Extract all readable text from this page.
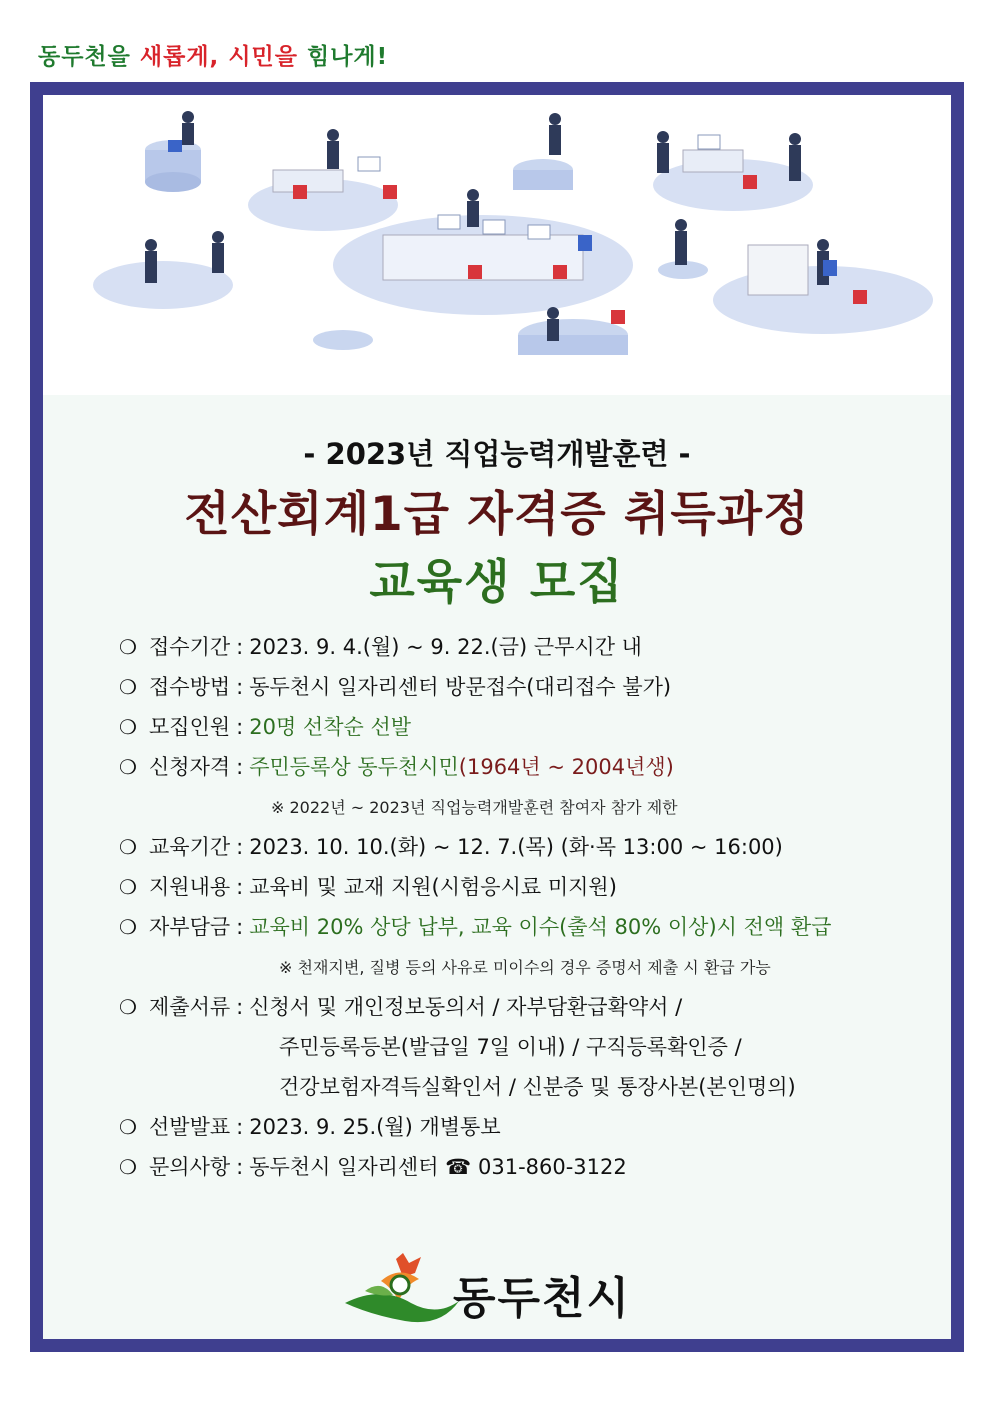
동두천을 새롭게, 시민을 힘나게!
- 2023년 직업능력개발훈련 -
전산회계1급 자격증 취득과정
교육생 모집
❍ 접수기간 : 2023. 9. 4.(월) ~ 9. 22.(금) 근무시간 내
❍ 접수방법 : 동두천시 일자리센터 방문접수(대리접수 불가)
❍ 모집인원 : 20명 선착순 선발
❍ 신청자격 : 주민등록상 동두천시민(1964년 ~ 2004년생)
※ 2022년 ~ 2023년 직업능력개발훈련 참여자 참가 제한
❍ 교육기간 : 2023. 10. 10.(화) ~ 12. 7.(목) (화·목 13:00 ~ 16:00)
❍ 지원내용 : 교육비 및 교재 지원(시험응시료 미지원)
❍ 자부담금 : 교육비 20% 상당 납부, 교육 이수(출석 80% 이상)시 전액 환급
※ 천재지변, 질병 등의 사유로 미이수의 경우 증명서 제출 시 환급 가능
❍ 제출서류 : 신청서 및 개인정보동의서 / 자부담환급확약서 /
주민등록등본(발급일 7일 이내) / 구직등록확인증 /
건강보험자격득실확인서 / 신분증 및 통장사본(본인명의)
❍ 선발발표 : 2023. 9. 25.(월) 개별통보
❍ 문의사항 : 동두천시 일자리센터 ☎ 031-860-3122
동두천시
